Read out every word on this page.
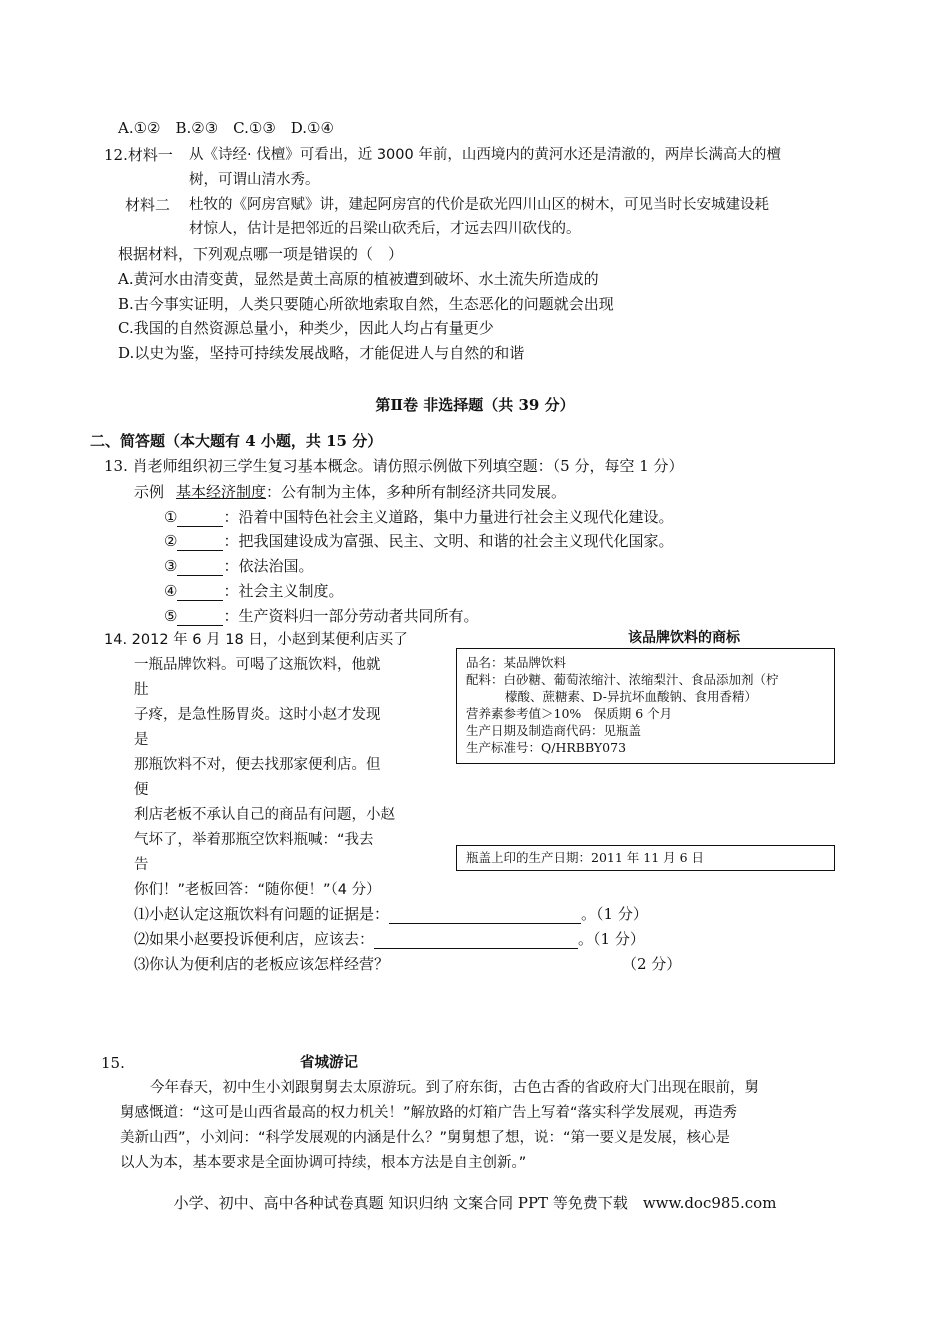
A.①②　B.②③　C.①③　D.①④
12.材料一 从《诗经· 伐檀》可看出，近 3000 年前，山西境内的黄河水还是清澈的，两岸长满高大的檀
树，可谓山清水秀。
材料二 杜牧的《阿房宫赋》讲，建起阿房宫的代价是砍光四川山区的树木，可见当时长安城建设耗
材惊人，估计是把邻近的吕梁山砍秃后，才远去四川砍伐的。
根据材料，下列观点哪一项是错误的（　）
A.黄河水由清变黄，显然是黄土高原的植被遭到破坏、水土流失所造成的
B.古今事实证明，人类只要随心所欲地索取自然，生态恶化的问题就会出现
C.我国的自然资源总量小，种类少，因此人均占有量更少
D.以史为鉴，坚持可持续发展战略，才能促进人与自然的和谐
第Ⅱ卷 非选择题（共 39 分）
二、简答题（本大题有 4 小题，共 15 分）
13. 肖老师组织初三学生复习基本概念。请仿照示例做下列填空题：（5 分，每空 1 分）
示例 基本经济制度：公有制为主体，多种所有制经济共同发展。
①	：沿着中国特色社会主义道路，集中力量进行社会主义现代化建设。
②	：把我国建设成为富强、民主、文明、和谐的社会主义现代化国家。
③	：依法治国。
④	：社会主义制度。
⑤	：生产资料归一部分劳动者共同所有。
14. 2012 年 6 月 18 日，小赵到某便利店买了
一瓶品牌饮料。可喝了这瓶饮料，他就
肚
子疼，是急性肠胃炎。这时小赵才发现
是
那瓶饮料不对，便去找那家便利店。但
便
利店老板不承认自己的商品有问题，小赵
气坏了，举着那瓶空饮料瓶喊：“我去
告
你们！”老板回答：“随你便！”（4 分）
该品牌饮料的商标
品名：某品牌饮料
配料：白砂糖、葡萄浓缩汁、浓缩梨汁、食品添加剂（柠
檬酸、蔗糖素、D-异抗坏血酸钠、食用香精）
营养素参考值＞10%　保质期 6 个月
生产日期及制造商代码：见瓶盖
生产标准号：Q/HRBBY073
瓶盖上印的生产日期：2011 年 11 月 6 日
⑴小赵认定这瓶饮料有问题的证据是：	。（1 分）
⑵如果小赵要投诉便利店，应该去：	。（1 分）
⑶你认为便利店的老板应该怎样经营？	（2 分）
15.	省城游记
今年春天，初中生小刘跟舅舅去太原游玩。到了府东街，古色古香的省政府大门出现在眼前，舅
舅感慨道：“这可是山西省最高的权力机关！”解放路的灯箱广告上写着“落实科学发展观，再造秀
美新山西”，小刘问：“科学发展观的内涵是什么？”舅舅想了想，说：“第一要义是发展，核心是
以人为本，基本要求是全面协调可持续，根本方法是自主创新。”
小学、初中、高中各种试卷真题 知识归纳 文案合同 PPT 等免费下载　www.doc985.com
